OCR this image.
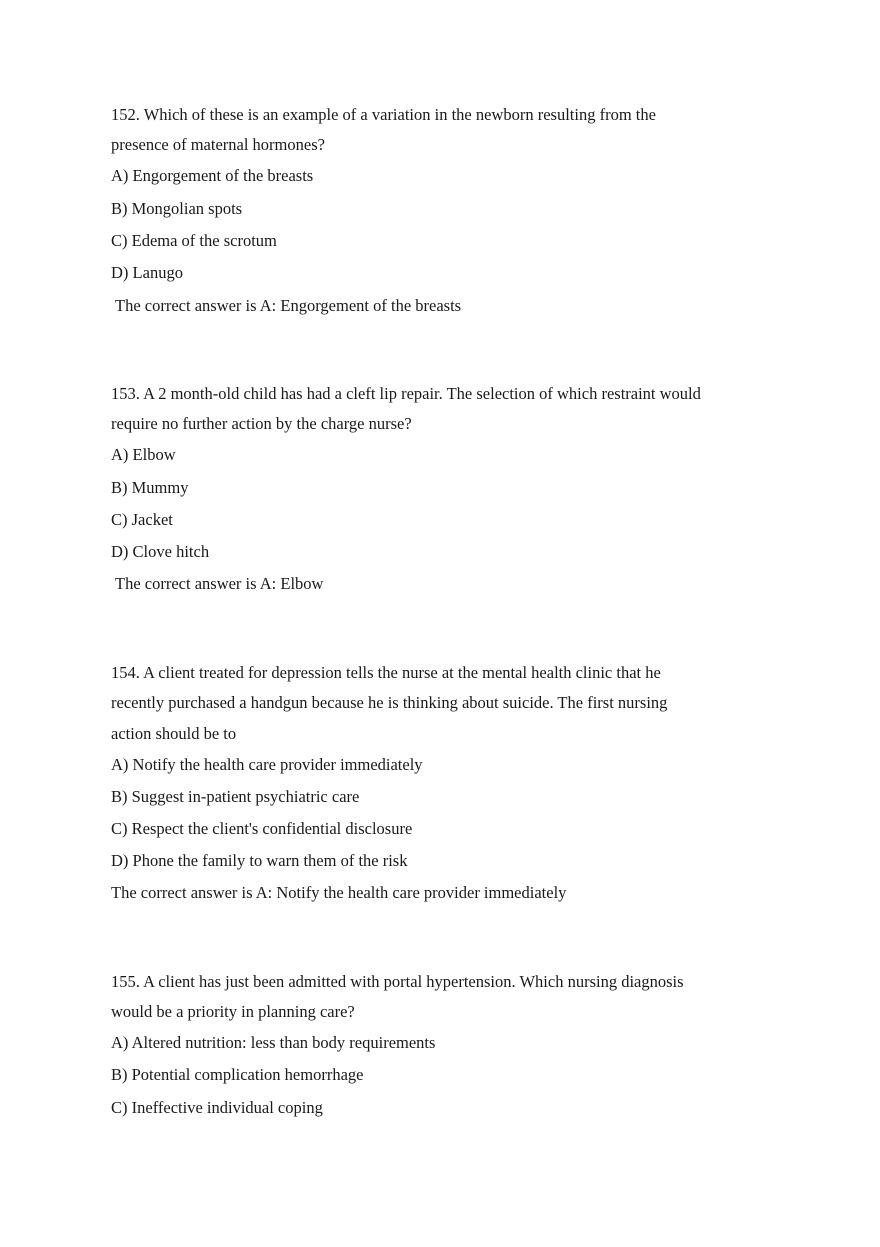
152. Which of these is an example of a variation in the newborn resulting from the
presence of maternal hormones?
A) Engorgement of the breasts
B) Mongolian spots
C) Edema of the scrotum
D) Lanugo
The correct answer is A: Engorgement of the breasts
153. A 2 month-old child has had a cleft lip repair. The selection of which restraint would
require no further action by the charge nurse?
A) Elbow
B) Mummy
C) Jacket
D) Clove hitch
The correct answer is A: Elbow
154. A client treated for depression tells the nurse at the mental health clinic that he
recently purchased a handgun because he is thinking about suicide. The first nursing
action should be to
A) Notify the health care provider immediately
B) Suggest in-patient psychiatric care
C) Respect the client's confidential disclosure
D) Phone the family to warn them of the risk
The correct answer is A: Notify the health care provider immediately
155. A client has just been admitted with portal hypertension. Which nursing diagnosis
would be a priority in planning care?
A) Altered nutrition: less than body requirements
B) Potential complication hemorrhage
C) Ineffective individual coping
